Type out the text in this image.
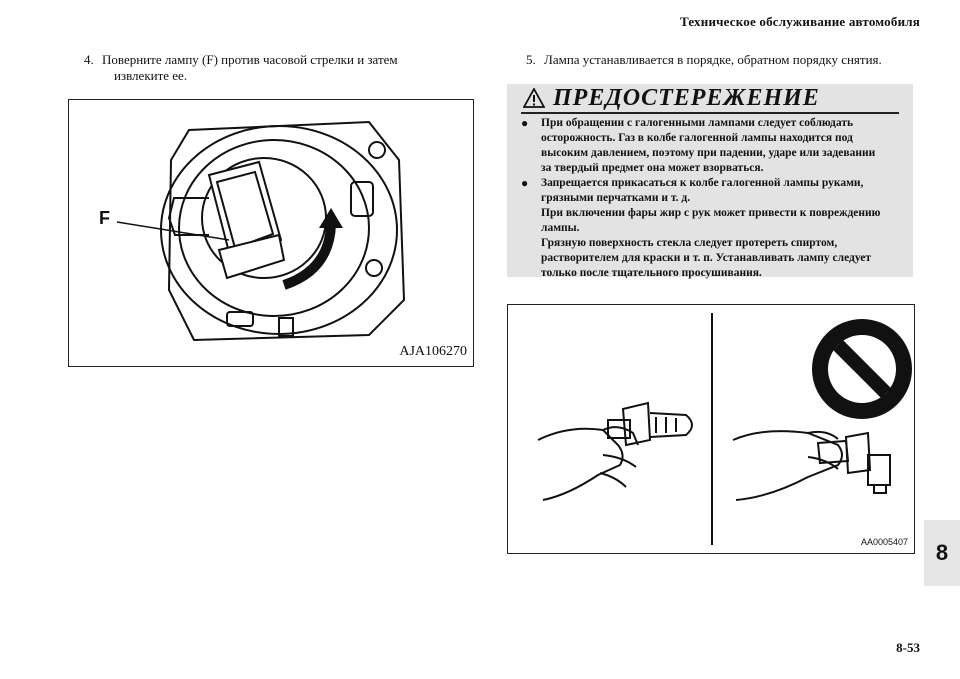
Техническое обслуживание автомобиля
4. Поверните лампу (F) против часовой стрелки и затем
извлеките ее.
F
AJA106270
5. Лампа устанавливается в порядке, обратном порядку снятия.
ПРЕДОСТЕРЕЖЕНИЕ
●	При обращении с галогенными лампами следует соблюдать
осторожность. Газ в колбе галогенной лампы находится под
высоким давлением, поэтому при падении, ударе или задевании
за твердый предмет она может взорваться.
●	Запрещается прикасаться к колбе галогенной лампы руками,
грязными перчатками и т. д.
При включении фары жир с рук может привести к повреждению
лампы.
Грязную поверхность стекла следует протереть спиртом,
растворителем для краски и т. п. Устанавливать лампу следует
только после тщательного просушивания.
AA0005407
8-53
8
